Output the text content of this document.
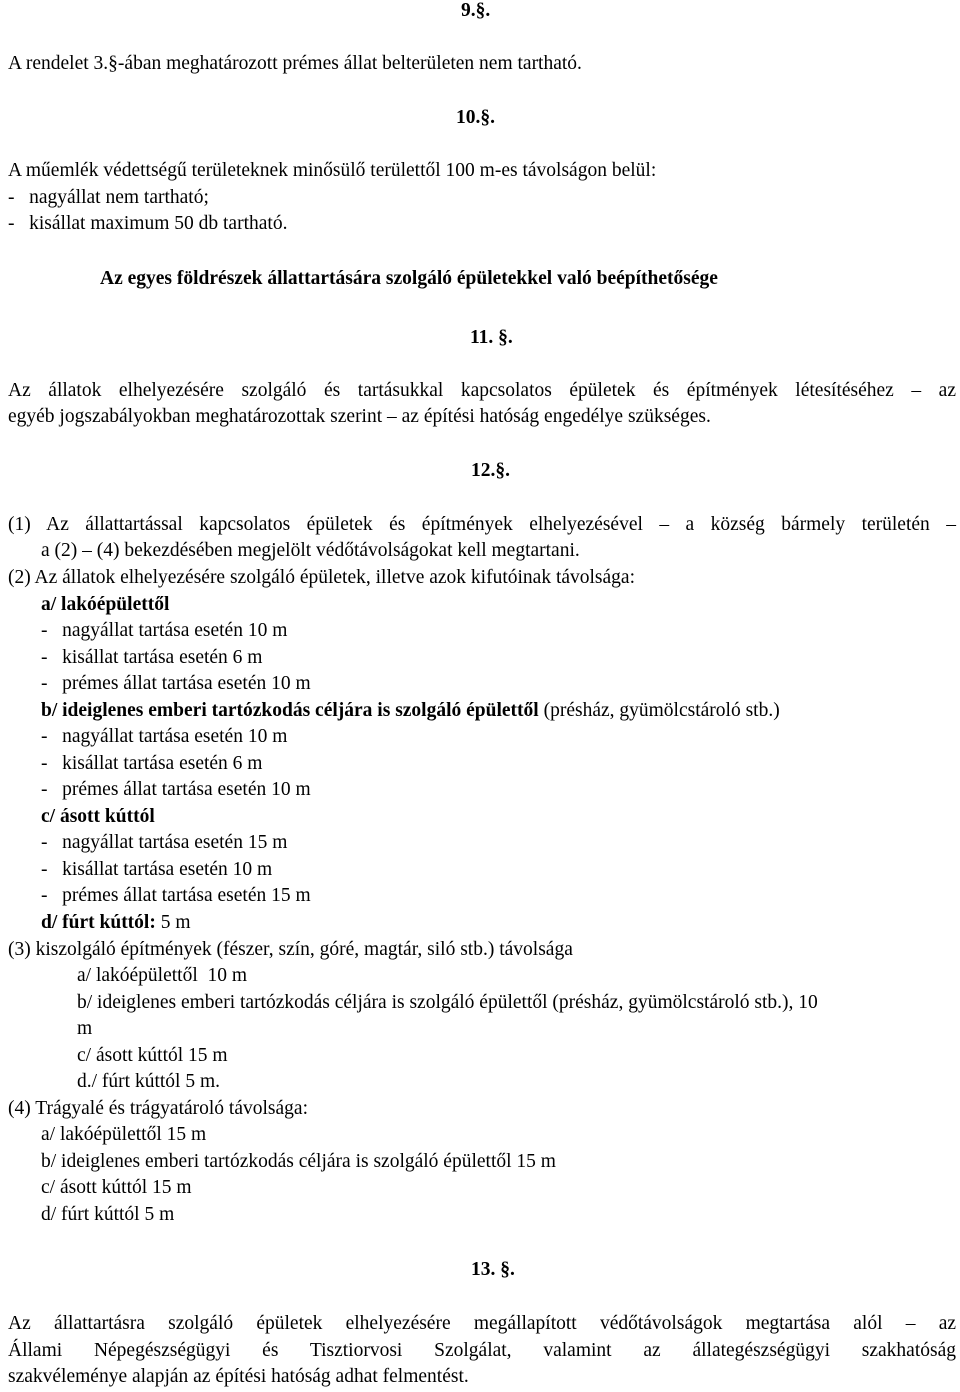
9.§.
A rendelet 3.§-ában meghatározott prémes állat belterületen nem tartható.
10.§.
A műemlék védettségű területeknek minősülő területtől 100 m-es távolságon belül:
-   nagyállat nem tartható;
-   kisállat maximum 50 db tartható.
Az egyes földrészek állattartására szolgáló épületekkel való beépíthetősége
11. §.
Az állatok elhelyezésére szolgáló és tartásukkal kapcsolatos épületek és építmények létesítéséhez – az
egyéb jogszabályokban meghatározottak szerint – az építési hatóság engedélye szükséges.
12.§.
(1) Az állattartással kapcsolatos épületek és építmények elhelyezésével – a község bármely területén –
a (2) – (4) bekezdésében megjelölt védőtávolságokat kell megtartani.
(2) Az állatok elhelyezésére szolgáló épületek, illetve azok kifutóinak távolsága:
a/ lakóépülettől
-   nagyállat tartása esetén 10 m
-   kisállat tartása esetén 6 m
-   prémes állat tartása esetén 10 m
b/ ideiglenes emberi tartózkodás céljára is szolgáló épülettől (présház, gyümölcstároló stb.)
-   nagyállat tartása esetén 10 m
-   kisállat tartása esetén 6 m
-   prémes állat tartása esetén 10 m
c/ ásott kúttól
-   nagyállat tartása esetén 15 m
-   kisállat tartása esetén 10 m
-   prémes állat tartása esetén 15 m
d/ fúrt kúttól: 5 m
(3) kiszolgáló építmények (fészer, szín, góré, magtár, siló stb.) távolsága
a/ lakóépülettől  10 m
b/ ideiglenes emberi tartózkodás céljára is szolgáló épülettől (présház, gyümölcstároló stb.), 10
m
c/ ásott kúttól 15 m
d./ fúrt kúttól 5 m.
(4) Trágyalé és trágyatároló távolsága:
a/ lakóépülettől 15 m
b/ ideiglenes emberi tartózkodás céljára is szolgáló épülettől 15 m
c/ ásott kúttól 15 m
d/ fúrt kúttól 5 m
13. §.
Az állattartásra szolgáló épületek elhelyezésére megállapított védőtávolságok megtartása alól – az
Állami Népegészségügyi és Tisztiorvosi Szolgálat, valamint az állategészségügyi szakhatóság
szakvéleménye alapján az építési hatóság adhat felmentést.
